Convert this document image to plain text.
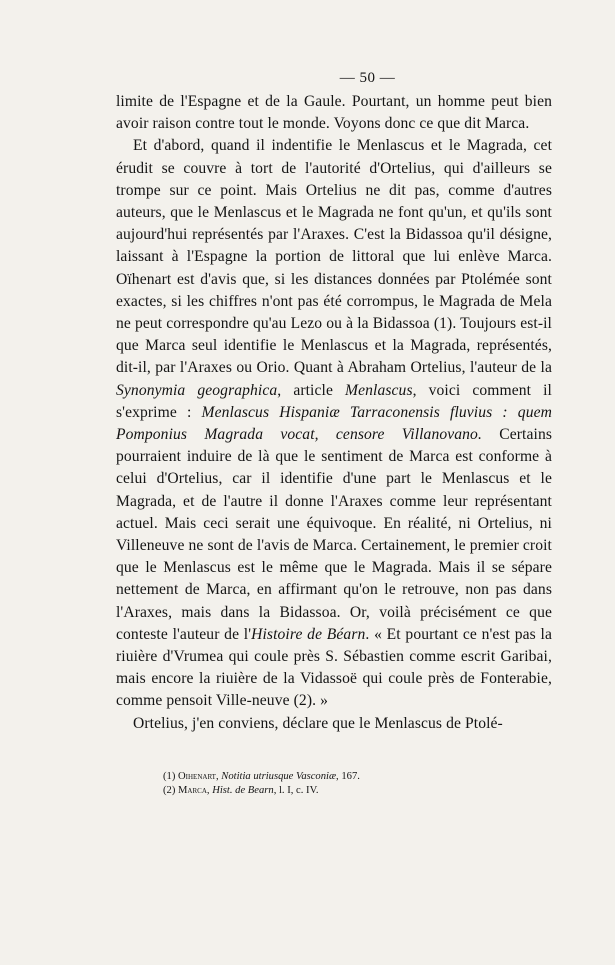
— 50 —

limite de l'Espagne et de la Gaule. Pourtant, un homme peut bien avoir raison contre tout le monde. Voyons donc ce que dit Marca.

Et d'abord, quand il indentifie le Menlascus et le Magrada, cet érudit se couvre à tort de l'autorité d'Ortelius, qui d'ailleurs se trompe sur ce point. Mais Ortelius ne dit pas, comme d'autres auteurs, que le Menlascus et le Magrada ne font qu'un, et qu'ils sont aujourd'hui représentés par l'Araxes. C'est la Bidassoa qu'il désigne, laissant à l'Espagne la portion de littoral que lui enlève Marca. Oïhenart est d'avis que, si les distances données par Ptolémée sont exactes, si les chiffres n'ont pas été corrompus, le Magrada de Mela ne peut correspondre qu'au Lezo ou à la Bidassoa (1). Toujours est-il que Marca seul identifie le Menlascus et la Magrada, représentés, dit-il, par l'Araxes ou Orio. Quant à Abraham Ortelius, l'auteur de la Synonymia geographica, article Menlascus, voici comment il s'exprime : Menlascus Hispaniæ Tarraconensis fluvius : quem Pomponius Magrada vocat, censore Villanovano. Certains pourraient induire de là que le sentiment de Marca est conforme à celui d'Ortelius, car il identifie d'une part le Menlascus et le Magrada, et de l'autre il donne l'Araxes comme leur représentant actuel. Mais ceci serait une équivoque. En réalité, ni Ortelius, ni Villeneuve ne sont de l'avis de Marca. Certainement, le premier croit que le Menlascus est le même que le Magrada. Mais il se sépare nettement de Marca, en affirmant qu'on le retrouve, non pas dans l'Araxes, mais dans la Bidassoa. Or, voilà précisément ce que conteste l'auteur de l'Histoire de Béarn. « Et pourtant ce n'est pas la riuière d'Vrumea qui coule près S. Sébastien comme escrit Garibai, mais encore la riuière de la Vidassoë qui coule près de Fonterabie, comme pensoit Ville-neuve (2). »

Ortelius, j'en conviens, déclare que le Menlascus de Ptolé-

(1) Oihenart, Notitia utriusque Vasconiæ, 167.
(2) Marca, Hist. de Bearn, l. I, c. IV.
